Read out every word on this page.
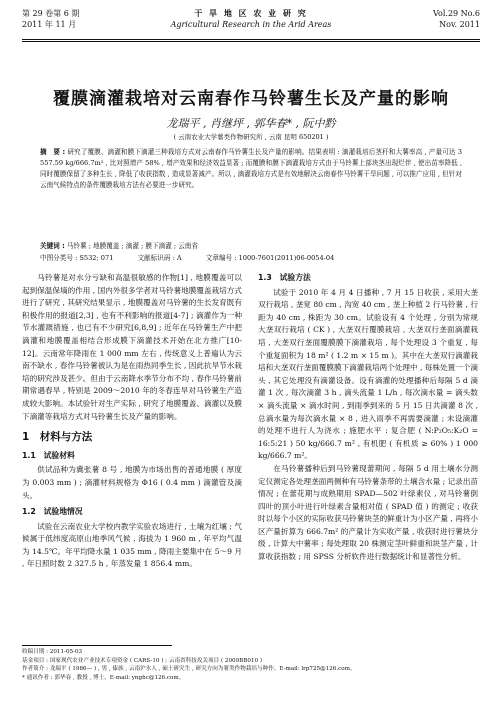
第 29 卷第 6 期
2011 年 11 月
干 旱 地 区 农 业 研 究
Agricultural Research in the Arid Areas
Vol.29 No.6
Nov. 2011
覆膜滴灌栽培对云南春作马铃薯生长及产量的影响
龙瑞平 , 肖继坪 , 郭华春* , 阮中黔
( 云南农业大学薯类作物研究所 , 云南 昆明 650201 )
摘　要 : 研究了覆膜、滴灌和膜下滴灌三种栽培方式对云南春作马铃薯生长及产量的影响。结果表明 : 滴灌栽培后茎秆和大薯率高 , 产量可达 3 557.59 kg/666.7m² , 比对照增产 58% , 增产效果和经济效益显著 ; 而覆膜和膜下滴灌栽培方式由于马铃薯上部块茎出现烂伴 , 使出苗率降低 , 同时覆膜保留了多种生长 , 降低了收获指数 , 造成显著减产。所以 , 滴灌栽培方式是有效地解决云南春作马铃薯干旱问题 , 可以推广应用 , 但针对云南气候特点的条件覆膜栽培方法有必要进一步研究。
关键词 : 马铃薯 ; 地膜覆盖 ; 滴灌 ; 膜下滴灌 ; 云南省
中图分类号 : S532; 071	文献标识码 : A	文章编号 : 1000-7601(2011)06-0054-04

马铃薯是对水分亏缺和高温很敏感的作物[1] , 地膜覆盖可以起到保温保墒的作用 , 国内外很多学者对马铃薯地膜覆盖栽培方式进行了研究 , 其研究结果显示 , 地膜覆盖对马铃薯的生长发育既有积极作用的报道[2,3] , 也有不利影响的报道[4-7] ; 滴灌作为一种节水灌溉措施 , 也已有不少研究[6,8,9] ; 近年在马铃薯生产中把滴灌和地膜覆盖相结合形成膜下滴灌技术开始在北方推广[10-12]。云南常年降雨在 1 000 mm 左右 , 传统意义上普遍认为云南不缺水 , 春作马铃薯被认为是在雨热同季生长 , 因此抗旱节水栽培的研究涉及甚少。但由于云南降水季节分布不均 , 春作马铃薯前期常遇春旱 , 特别是 2009～2010 年的冬春连旱对马铃薯生产造成较大影响。本试验针对生产实际 , 研究了地膜覆盖、滴灌以及膜下滴灌等栽培方式对马铃薯生长及产量的影响。

1　材料与方法
1.1　试验材料

供试品种为冀张薯 8 号 , 地膜为市场出售的普通地膜 ( 厚度为 0.003 mm ) ; 滴灌材料规格为 Φ16 ( 0.4 mm ) 滴灌管及滴头。

1.2　试验地情况

试验在云南农业大学校内教学实验农场进行 , 土壤为红壤 ; 气候属于低纬度高原山地季风气候 , 海拔为 1 960 m , 年平均气温为 14.5℃。年平均降水量 1 035 mm , 降雨主要集中在 5～9 月 , 年日照时数 2 327.5 h , 年蒸发量 1 856.4 mm。

1.3　试验方法

试验于 2010 年 4 月 4 日播种 , 7 月 15 日收获 , 采用大垄双行栽培 , 垄宽 80 cm , 沟宽 40 cm , 垄上种植 2 行马铃薯 , 行距为 40 cm , 株距为 30 cm。试验设有 4 个处理 , 分别为常规大垄双行栽培 ( CK ) , 大垄双行覆膜栽培 , 大垄双行垄面滴灌栽培 , 大垄双行垄面覆膜膜下滴灌栽培 , 每个处理设 3 个重复 , 每个重复面积为 18 m² ( 1.2 m × 15 m )。其中在大垄双行滴灌栽培和大垄双行垄面覆膜膜下滴灌栽培两个处理中 , 每株处置一个滴头 , 其它处理没有滴灌设备。设有滴灌的处理播种后每隔 5 d 滴灌 1 次 , 每次滴灌 3 h , 滴头流量 1 L/h , 每次滴水量 = 滴头数 × 滴头流量 × 滴水时间 , 到雨季到来的 5 月 15 日共滴灌 8 次 , 总滴水量为每次滴水量 × 8 , 进入雨季不再需要滴灌 ; 未设滴灌的处理不进行人为浇水 ; 施肥水平 : 复合肥 ( N:P₂O₅:K₂O = 16:5:21 ) 50 kg/666.7 m² , 有机肥 ( 有机质 ≥ 60% ) 1 000 kg/666.7 m²。

在马铃薯播种后到马铃薯现蕾期间 , 每隔 5 d 用土壤水分测定仪测定各处理垄面两侧种有马铃薯条带的土壤含水量 ; 记录出苗情况 ; 在蕾花期与成熟期用 SPAD—502 叶绿素仪 , 对马铃薯倒四叶的顶小叶进行叶绿素含量相对值 ( SPAD 值 ) 的测定 ; 收获时以每个小区的实际收获马铃薯块茎的鲜重计为小区产量 , 再将小区产量折算为 666.7m² 的产量计为实收产量 , 收获时进行薯块分级 , 计算大中薯率 ; 每处理取 20 株测定茎叶鲜重和块茎产量 , 计算收获指数 ; 用 SPSS 分析软件进行数据统计和显著性分析。

收稿日期 : 2011-05-03
基金项目 : 国家现代农业产业技术专项资金 ( CARS-10 ) ; 云南省科技攻关项目 ( 2009BB010 )
作者简介 : 龙瑞平 ( 1986— ) , 男 , 傣族 , 云南沪水人 , 硕士研究生 , 研究方向为薯类作物栽培与种作。E-mail: lrp725@126.com。
* 通讯作者 : 郭华春 , 教授 , 博士。E-mail: ynghc@126.com。
